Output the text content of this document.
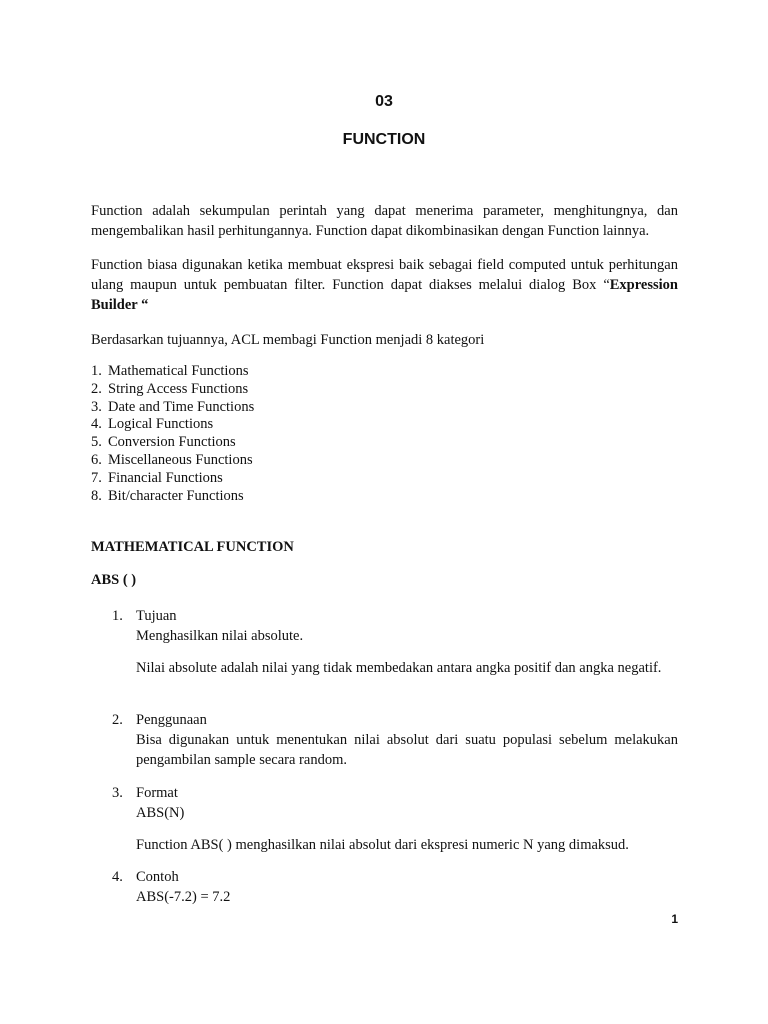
03
FUNCTION

Function adalah sekumpulan perintah yang dapat menerima parameter, menghitungnya, dan mengembalikan hasil perhitungannya. Function dapat dikombinasikan dengan Function lainnya.

Function biasa digunakan ketika membuat ekspresi baik sebagai field computed untuk perhitungan ulang maupun untuk pembuatan filter. Function dapat diakses melalui dialog Box “Expression Builder “

Berdasarkan tujuannya, ACL membagi Function menjadi 8 kategori

1. Mathematical Functions
2. String Access Functions
3. Date and Time Functions
4. Logical Functions
5. Conversion Functions
6. Miscellaneous Functions
7. Financial Functions
8. Bit/character Functions
MATHEMATICAL FUNCTION
ABS ( )
1. Tujuan
Menghasilkan nilai absolute.
Nilai absolute adalah nilai yang tidak membedakan antara angka positif dan angka negatif.
2. Penggunaan
Bisa digunakan untuk menentukan nilai absolut dari suatu populasi sebelum melakukan pengambilan sample secara random.
3. Format
ABS(N)
Function ABS( ) menghasilkan nilai absolut dari ekspresi numeric N yang dimaksud.
4. Contoh
ABS(-7.2) = 7.2
1
